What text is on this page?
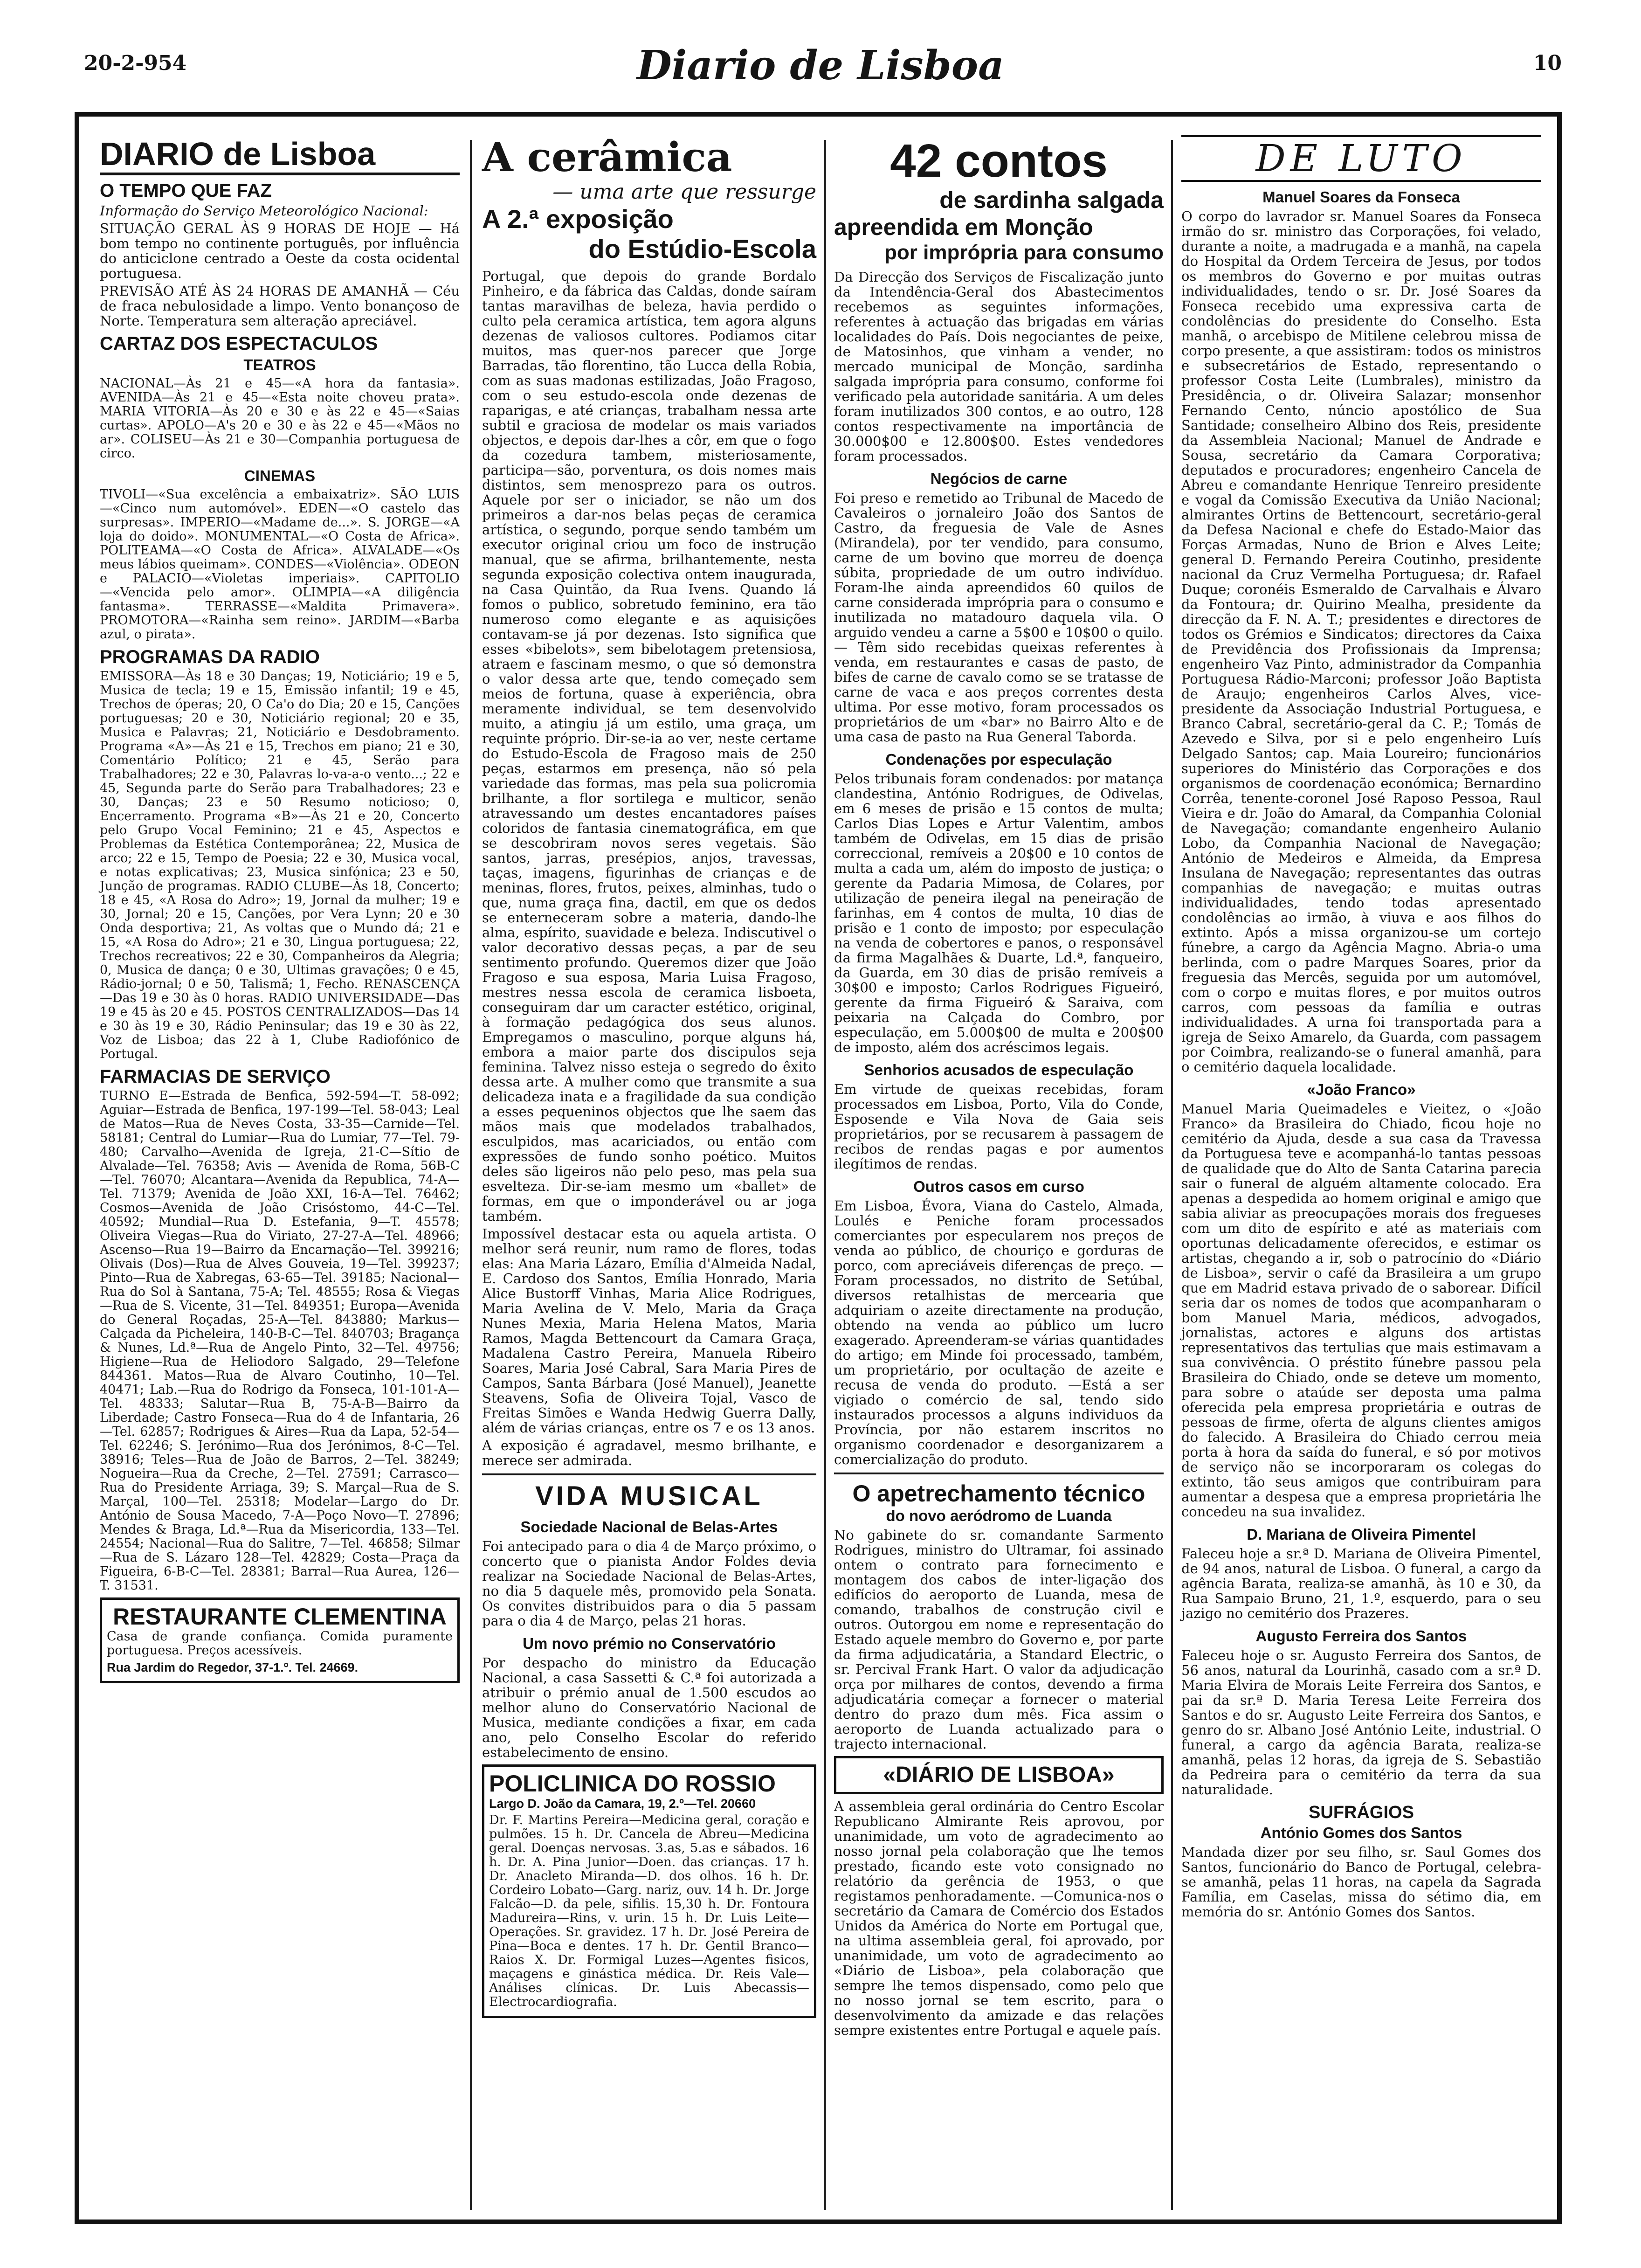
20-2-954	Diario de Lisboa	10
DIARIO de Lisboa
O TEMPO QUE FAZ

Informação do Serviço Meteorológico Nacional:

SITUAÇÃO GERAL ÀS 9 HORAS DE HOJE — Há bom tempo no continente português, por influência do anticiclone centrado a Oeste da costa ocidental portuguesa.

PREVISÃO ATÉ ÀS 24 HORAS DE AMANHÃ — Céu de fraca nebulosidade a limpo. Vento bonançoso de Norte. Temperatura sem alteração apreciável.

CARTAZ DOS ESPECTACULOS
TEATROS

NACIONAL—Às 21 e 45—«A hora da fantasia». AVENIDA—Às 21 e 45—«Esta noite choveu prata». MARIA VITORIA—Às 20 e 30 e às 22 e 45—«Saias curtas». APOLO—A's 20 e 30 e às 22 e 45—«Mãos no ar». COLISEU—Às 21 e 30—Companhia portuguesa de circo.

CINEMAS

TIVOLI—«Sua excelência a embaixatriz». SÃO LUIS—«Cinco num automóvel». EDEN—«O castelo das surpresas». IMPERIO—«Madame de...». S. JORGE—«A loja do doido». MONUMENTAL—«O Costa de Africa». POLITEAMA—«O Costa de Africa». ALVALADE—«Os meus lábios queimam». CONDES—«Violência». ODEON e PALACIO—«Violetas imperiais». CAPITOLIO—«Vencida pelo amor». OLIMPIA—«A diligência fantasma». TERRASSE—«Maldita Primavera». PROMOTORA—«Rainha sem reino». JARDIM—«Barba azul, o pirata».

PROGRAMAS DA RADIO

EMISSORA—Às 18 e 30 Danças; 19, Noticiário; 19 e 5, Musica de tecla; 19 e 15, Emissão infantil; 19 e 45, Trechos de óperas; 20, O Ca'o do Dia; 20 e 15, Canções portuguesas; 20 e 30, Noticiário regional; 20 e 35, Musica e Palavras; 21, Noticiário e Desdobramento. Programa «A»—Às 21 e 15, Trechos em piano; 21 e 30, Comentário Político; 21 e 45, Serão para Trabalhadores; 22 e 30, Palavras lo-va-a-o vento...; 22 e 45, Segunda parte do Serão para Trabalhadores; 23 e 30, Danças; 23 e 50 Resumo noticioso; 0, Encerramento. Programa «B»—Às 21 e 20, Concerto pelo Grupo Vocal Feminino; 21 e 45, Aspectos e Problemas da Estética Contemporânea; 22, Musica de arco; 22 e 15, Tempo de Poesia; 22 e 30, Musica vocal, e notas explicativas; 23, Musica sinfónica; 23 e 50, Junção de programas. RADIO CLUBE—Às 18, Concerto; 18 e 45, «A Rosa do Adro»; 19, Jornal da mulher; 19 e 30, Jornal; 20 e 15, Canções, por Vera Lynn; 20 e 30 Onda desportiva; 21, As voltas que o Mundo dá; 21 e 15, «A Rosa do Adro»; 21 e 30, Lingua portuguesa; 22, Trechos recreativos; 22 e 30, Companheiros da Alegria; 0, Musica de dança; 0 e 30, Ultimas gravações; 0 e 45, Rádio-jornal; 0 e 50, Talismã; 1, Fecho. RENASCENÇA—Das 19 e 30 às 0 horas. RADIO UNIVERSIDADE—Das 19 e 45 às 20 e 45. POSTOS CENTRALIZADOS—Das 14 e 30 às 19 e 30, Rádio Peninsular; das 19 e 30 às 22, Voz de Lisboa; das 22 à 1, Clube Radiofónico de Portugal.

FARMACIAS DE SERVIÇO

TURNO E—Estrada de Benfica, 592-594—T. 58-092; Aguiar—Estrada de Benfica, 197-199—Tel. 58-043; Leal de Matos—Rua de Neves Costa, 33-35—Carnide—Tel. 58181; Central do Lumiar—Rua do Lumiar, 77—Tel. 79-480; Carvalho—Avenida de Igreja, 21-C—Sítio de Alvalade—Tel. 76358; Avis — Avenida de Roma, 56B-C—Tel. 76070; Alcantara—Avenida da Republica, 74-A—Tel. 71379; Avenida de João XXI, 16-A—Tel. 76462; Cosmos—Avenida de João Crisóstomo, 44-C—Tel. 40592; Mundial—Rua D. Estefania, 9—T. 45578; Oliveira Viegas—Rua do Viriato, 27-27-A—Tel. 48966; Ascenso—Rua 19—Bairro da Encarnação—Tel. 399216; Olivais (Dos)—Rua de Alves Gouveia, 19—Tel. 399237; Pinto—Rua de Xabregas, 63-65—Tel. 39185; Nacional—Rua do Sol à Santana, 75-A; Tel. 48555; Rosa & Viegas—Rua de S. Vicente, 31—Tel. 849351; Europa—Avenida do General Roçadas, 25-A—Tel. 843880; Markus—Calçada da Picheleira, 140-B-C—Tel. 840703; Bragança & Nunes, Ld.ª—Rua de Angelo Pinto, 32—Tel. 49756; Higiene—Rua de Heliodoro Salgado, 29—Telefone 844361. Matos—Rua de Alvaro Coutinho, 10—Tel. 40471; Lab.—Rua do Rodrigo da Fonseca, 101-101-A—Tel. 48333; Salutar—Rua B, 75-A-B—Bairro da Liberdade; Castro Fonseca—Rua do 4 de Infantaria, 26—Tel. 62857; Rodrigues & Aires—Rua da Lapa, 52-54—Tel. 62246; S. Jerónimo—Rua dos Jerónimos, 8-C—Tel. 38916; Teles—Rua de João de Barros, 2—Tel. 38249; Nogueira—Rua da Creche, 2—Tel. 27591; Carrasco—Rua do Presidente Arriaga, 39; S. Marçal—Rua de S. Marçal, 100—Tel. 25318; Modelar—Largo do Dr. António de Sousa Macedo, 7-A—Poço Novo—T. 27896; Mendes & Braga, Ld.ª—Rua da Misericordia, 133—Tel. 24554; Nacional—Rua do Salitre, 7—Tel. 46858; Silmar—Rua de S. Lázaro 128—Tel. 42829; Costa—Praça da Figueira, 6-B-C—Tel. 28381; Barral—Rua Aurea, 126—T. 31531.

RESTAURANTE CLEMENTINA

Casa de grande confiança. Comida puramente portuguesa. Preços acessíveis.

Rua Jardim do Regedor, 37-1.º. Tel. 24669.

A cerâmica
— uma arte que ressurge
A 2.ª exposição
do Estúdio-Escola

Portugal, que depois do grande Bordalo Pinheiro, e da fábrica das Caldas, donde saíram tantas maravilhas de beleza, havia perdido o culto pela ceramica artística, tem agora alguns dezenas de valiosos cultores. Podiamos citar muitos, mas quer-nos parecer que Jorge Barradas, tão florentino, tão Lucca della Robia, com as suas madonas estilizadas, João Fragoso, com o seu estudo-escola onde dezenas de raparigas, e até crianças, trabalham nessa arte subtil e graciosa de modelar os mais variados objectos, e depois dar-lhes a côr, em que o fogo da cozedura tambem, misteriosamente, participa—são, porventura, os dois nomes mais distintos, sem menosprezo para os outros. Aquele por ser o iniciador, se não um dos primeiros a dar-nos belas peças de ceramica artística, o segundo, porque sendo também um executor original criou um foco de instrução manual, que se afirma, brilhantemente, nesta segunda exposição colectiva ontem inaugurada, na Casa Quintão, da Rua Ivens. Quando lá fomos o publico, sobretudo feminino, era tão numeroso como elegante e as aquisições contavam-se já por dezenas. Isto significa que esses «bibelots», sem bibelotagem pretensiosa, atraem e fascinam mesmo, o que só demonstra o valor dessa arte que, tendo começado sem meios de fortuna, quase à experiência, obra meramente individual, se tem desenvolvido muito, a atingiu já um estilo, uma graça, um requinte próprio. Dir-se-ia ao ver, neste certame do Estudo-Escola de Fragoso mais de 250 peças, estarmos em presença, não só pela variedade das formas, mas pela sua policromia brilhante, a flor sortilega e multicor, senão atravessando um destes encantadores países coloridos de fantasia cinematográfica, em que se descobriram novos seres vegetais. São santos, jarras, presépios, anjos, travessas, taças, imagens, figurinhas de crianças e de meninas, flores, frutos, peixes, alminhas, tudo o que, numa graça fina, dactil, em que os dedos se enterneceram sobre a materia, dando-lhe alma, espírito, suavidade e beleza. Indiscutivel o valor decorativo dessas peças, a par de seu sentimento profundo. Queremos dizer que João Fragoso e sua esposa, Maria Luisa Fragoso, mestres nessa escola de ceramica lisboeta, conseguiram dar um caracter estético, original, à formação pedagógica dos seus alunos. Empregamos o masculino, porque alguns há, embora a maior parte dos discipulos seja feminina. Talvez nisso esteja o segredo do êxito dessa arte. A mulher como que transmite a sua delicadeza inata e a fragilidade da sua condição a esses pequeninos objectos que lhe saem das mãos mais que modelados trabalhados, esculpidos, mas acariciados, ou então com expressões de fundo sonho poético. Muitos deles são ligeiros não pelo peso, mas pela sua esvelteza. Dir-se-iam mesmo um «ballet» de formas, em que o imponderável ou ar joga também.

Impossível destacar esta ou aquela artista. O melhor será reunir, num ramo de flores, todas elas: Ana Maria Lázaro, Emília d'Almeida Nadal, E. Cardoso dos Santos, Emília Honrado, Maria Alice Bustorff Vinhas, Maria Alice Rodrigues, Maria Avelina de V. Melo, Maria da Graça Nunes Mexia, Maria Helena Matos, Maria Ramos, Magda Bettencourt da Camara Graça, Madalena Castro Pereira, Manuela Ribeiro Soares, Maria José Cabral, Sara Maria Pires de Campos, Santa Bárbara (José Manuel), Jeanette Steavens, Sofia de Oliveira Tojal, Vasco de Freitas Simões e Wanda Hedwig Guerra Dally, além de várias crianças, entre os 7 e os 13 anos.

A exposição é agradavel, mesmo brilhante, e merece ser admirada.

VIDA MUSICAL
Sociedade Nacional de Belas-Artes

Foi antecipado para o dia 4 de Março próximo, o concerto que o pianista Andor Foldes devia realizar na Sociedade Nacional de Belas-Artes, no dia 5 daquele mês, promovido pela Sonata. Os convites distribuidos para o dia 5 passam para o dia 4 de Março, pelas 21 horas.

Um novo prémio no Conservatório

Por despacho do ministro da Educação Nacional, a casa Sassetti & C.ª foi autorizada a atribuir o prémio anual de 1.500 escudos ao melhor aluno do Conservatório Nacional de Musica, mediante condições a fixar, em cada ano, pelo Conselho Escolar do referido estabelecimento de ensino.

POLICLINICA DO ROSSIO

Largo D. João da Camara, 19, 2.º—Tel. 20660

Dr. F. Martins Pereira—Medicina geral, coração e pulmões. 15 h. Dr. Cancela de Abreu—Medicina geral. Doenças nervosas. 3.as, 5.as e sábados. 16 h. Dr. A. Pina Junior—Doen. das crianças. 17 h. Dr. Anacleto Miranda—D. dos olhos. 16 h. Dr. Cordeiro Lobato—Garg. nariz, ouv. 14 h. Dr. Jorge Falcão—D. da pele, sifilis. 15,30 h. Dr. Fontoura Madureira—Rins, v. urin. 15 h. Dr. Luis Leite—Operações. Sr. gravidez. 17 h. Dr. José Pereira de Pina—Boca e dentes. 17 h. Dr. Gentil Branco—Raios X. Dr. Formigal Luzes—Agentes fisicos, maçagens e ginástica médica. Dr. Reis Vale—Análises clínicas. Dr. Luis Abecassis—Electrocardiografia.

42 contos
de sardinha salgada
apreendida em Monção
por imprópria para consumo

Da Direcção dos Serviços de Fiscalização junto da Intendência-Geral dos Abastecimentos recebemos as seguintes informações, referentes à actuação das brigadas em várias localidades do País. Dois negociantes de peixe, de Matosinhos, que vinham a vender, no mercado municipal de Monção, sardinha salgada imprópria para consumo, conforme foi verificado pela autoridade sanitária. A um deles foram inutilizados 300 contos, e ao outro, 128 contos respectivamente na importância de 30.000$00 e 12.800$00. Estes vendedores foram processados.

Negócios de carne

Foi preso e remetido ao Tribunal de Macedo de Cavaleiros o jornaleiro João dos Santos de Castro, da freguesia de Vale de Asnes (Mirandela), por ter vendido, para consumo, carne de um bovino que morreu de doença súbita, propriedade de um outro indivíduo. Foram-lhe ainda apreendidos 60 quilos de carne considerada imprópria para o consumo e inutilizada no matadouro daquela vila. O arguido vendeu a carne a 5$00 e 10$00 o quilo. — Têm sido recebidas queixas referentes à venda, em restaurantes e casas de pasto, de bifes de carne de cavalo como se se tratasse de carne de vaca e aos preços correntes desta ultima. Por esse motivo, foram processados os proprietários de um «bar» no Bairro Alto e de uma casa de pasto na Rua General Taborda.

Condenações por especulação

Pelos tribunais foram condenados: por matança clandestina, António Rodrigues, de Odivelas, em 6 meses de prisão e 15 contos de multa; Carlos Dias Lopes e Artur Valentim, ambos também de Odivelas, em 15 dias de prisão correccional, remíveis a 20$00 e 10 contos de multa a cada um, além do imposto de justiça; o gerente da Padaria Mimosa, de Colares, por utilização de peneira ilegal na peneiração de farinhas, em 4 contos de multa, 10 dias de prisão e 1 conto de imposto; por especulação na venda de cobertores e panos, o responsável da firma Magalhães & Duarte, Ld.ª, fanqueiro, da Guarda, em 30 dias de prisão remíveis a 30$00 e imposto; Carlos Rodrigues Figueiró, gerente da firma Figueiró & Saraiva, com peixaria na Calçada do Combro, por especulação, em 5.000$00 de multa e 200$00 de imposto, além dos acréscimos legais.

Senhorios acusados de especulação

Em virtude de queixas recebidas, foram processados em Lisboa, Porto, Vila do Conde, Esposende e Vila Nova de Gaia seis proprietários, por se recusarem à passagem de recibos de rendas pagas e por aumentos ilegítimos de rendas.

Outros casos em curso

Em Lisboa, Évora, Viana do Castelo, Almada, Loulés e Peniche foram processados comerciantes por especularem nos preços de venda ao público, de chouriço e gorduras de porco, com apreciáveis diferenças de preço. —Foram processados, no distrito de Setúbal, diversos retalhistas de mercearia que adquiriam o azeite directamente na produção, obtendo na venda ao público um lucro exagerado. Apreenderam-se várias quantidades do artigo; em Minde foi processado, também, um proprietário, por ocultação de azeite e recusa de venda do produto. —Está a ser vigiado o comércio de sal, tendo sido instaurados processos a alguns individuos da Província, por não estarem inscritos no organismo coordenador e desorganizarem a comercialização do produto.

O apetrechamento técnico
do novo aeródromo de Luanda

No gabinete do sr. comandante Sarmento Rodrigues, ministro do Ultramar, foi assinado ontem o contrato para fornecimento e montagem dos cabos de inter-ligação dos edifícios do aeroporto de Luanda, mesa de comando, trabalhos de construção civil e outros. Outorgou em nome e representação do Estado aquele membro do Governo e, por parte da firma adjudicatária, a Standard Electric, o sr. Percival Frank Hart. O valor da adjudicação orça por milhares de contos, devendo a firma adjudicatária começar a fornecer o material dentro do prazo dum mês. Fica assim o aeroporto de Luanda actualizado para o trajecto internacional.

«DIÁRIO DE LISBOA»

A assembleia geral ordinária do Centro Escolar Republicano Almirante Reis aprovou, por unanimidade, um voto de agradecimento ao nosso jornal pela colaboração que lhe temos prestado, ficando este voto consignado no relatório da gerência de 1953, o que registamos penhoradamente. —Comunica-nos o secretário da Camara de Comércio dos Estados Unidos da América do Norte em Portugal que, na ultima assembleia geral, foi aprovado, por unanimidade, um voto de agradecimento ao «Diário de Lisboa», pela colaboração que sempre lhe temos dispensado, como pelo que no nosso jornal se tem escrito, para o desenvolvimento da amizade e das relações sempre existentes entre Portugal e aquele país.

DE LUTO
Manuel Soares da Fonseca

O corpo do lavrador sr. Manuel Soares da Fonseca irmão do sr. ministro das Corporações, foi velado, durante a noite, a madrugada e a manhã, na capela do Hospital da Ordem Terceira de Jesus, por todos os membros do Governo e por muitas outras individualidades, tendo o sr. Dr. José Soares da Fonseca recebido uma expressiva carta de condolências do presidente do Conselho. Esta manhã, o arcebispo de Mitilene celebrou missa de corpo presente, a que assistiram: todos os ministros e subsecretários de Estado, representando o professor Costa Leite (Lumbrales), ministro da Presidência, o dr. Oliveira Salazar; monsenhor Fernando Cento, núncio apostólico de Sua Santidade; conselheiro Albino dos Reis, presidente da Assembleia Nacional; Manuel de Andrade e Sousa, secretário da Camara Corporativa; deputados e procuradores; engenheiro Cancela de Abreu e comandante Henrique Tenreiro presidente e vogal da Comissão Executiva da União Nacional; almirantes Ortins de Bettencourt, secretário-geral da Defesa Nacional e chefe do Estado-Maior das Forças Armadas, Nuno de Brion e Alves Leite; general D. Fernando Pereira Coutinho, presidente nacional da Cruz Vermelha Portuguesa; dr. Rafael Duque; coronéis Esmeraldo de Carvalhais e Álvaro da Fontoura; dr. Quirino Mealha, presidente da direcção da F. N. A. T.; presidentes e directores de todos os Grémios e Sindicatos; directores da Caixa de Previdência dos Profissionais da Imprensa; engenheiro Vaz Pinto, administrador da Companhia Portuguesa Rádio-Marconi; professor João Baptista de Araujo; engenheiros Carlos Alves, vice-presidente da Associação Industrial Portuguesa, e Branco Cabral, secretário-geral da C. P.; Tomás de Azevedo e Silva, por si e pelo engenheiro Luís Delgado Santos; cap. Maia Loureiro; funcionários superiores do Ministério das Corporações e dos organismos de coordenação económica; Bernardino Corrêa, tenente-coronel José Raposo Pessoa, Raul Vieira e dr. João do Amaral, da Companhia Colonial de Navegação; comandante engenheiro Aulanio Lobo, da Companhia Nacional de Navegação; António de Medeiros e Almeida, da Empresa Insulana de Navegação; representantes das outras companhias de navegação; e muitas outras individualidades, tendo todas apresentado condolências ao irmão, à viuva e aos filhos do extinto. Após a missa organizou-se um cortejo fúnebre, a cargo da Agência Magno. Abria-o uma berlinda, com o padre Marques Soares, prior da freguesia das Mercês, seguida por um automóvel, com o corpo e muitas flores, e por muitos outros carros, com pessoas da família e outras individualidades. A urna foi transportada para a igreja de Seixo Amarelo, da Guarda, com passagem por Coimbra, realizando-se o funeral amanhã, para o cemitério daquela localidade.

«João Franco»

Manuel Maria Queimadeles e Vieitez, o «João Franco» da Brasileira do Chiado, ficou hoje no cemitério da Ajuda, desde a sua casa da Travessa da Portuguesa teve e acompanhá-lo tantas pessoas de qualidade que do Alto de Santa Catarina parecia sair o funeral de alguém altamente colocado. Era apenas a despedida ao homem original e amigo que sabia aliviar as preocupações morais dos fregueses com um dito de espírito e até as materiais com oportunas delicadamente oferecidos, e estimar os artistas, chegando a ir, sob o patrocínio do «Diário de Lisboa», servir o café da Brasileira a um grupo que em Madrid estava privado de o saborear. Difícil seria dar os nomes de todos que acompanharam o bom Manuel Maria, médicos, advogados, jornalistas, actores e alguns dos artistas representativos das tertulias que mais estimavam a sua convivência. O préstito fúnebre passou pela Brasileira do Chiado, onde se deteve um momento, para sobre o ataúde ser deposta uma palma oferecida pela empresa proprietária e outras de pessoas de firme, oferta de alguns clientes amigos do falecido. A Brasileira do Chiado cerrou meia porta à hora da saída do funeral, e só por motivos de serviço não se incorporaram os colegas do extinto, tão seus amigos que contribuiram para aumentar a despesa que a empresa proprietária lhe concedeu na sua invalidez.

D. Mariana de Oliveira Pimentel

Faleceu hoje a sr.ª D. Mariana de Oliveira Pimentel, de 94 anos, natural de Lisboa. O funeral, a cargo da agência Barata, realiza-se amanhã, às 10 e 30, da Rua Sampaio Bruno, 21, 1.º, esquerdo, para o seu jazigo no cemitério dos Prazeres.

Augusto Ferreira dos Santos

Faleceu hoje o sr. Augusto Ferreira dos Santos, de 56 anos, natural da Lourinhã, casado com a sr.ª D. Maria Elvira de Morais Leite Ferreira dos Santos, e pai da sr.ª D. Maria Teresa Leite Ferreira dos Santos e do sr. Augusto Leite Ferreira dos Santos, e genro do sr. Albano José António Leite, industrial. O funeral, a cargo da agência Barata, realiza-se amanhã, pelas 12 horas, da igreja de S. Sebastião da Pedreira para o cemitério da terra da sua naturalidade.

SUFRÁGIOS
António Gomes dos Santos

Mandada dizer por seu filho, sr. Saul Gomes dos Santos, funcionário do Banco de Portugal, celebra-se amanhã, pelas 11 horas, na capela da Sagrada Família, em Caselas, missa do sétimo dia, em memória do sr. António Gomes dos Santos.
